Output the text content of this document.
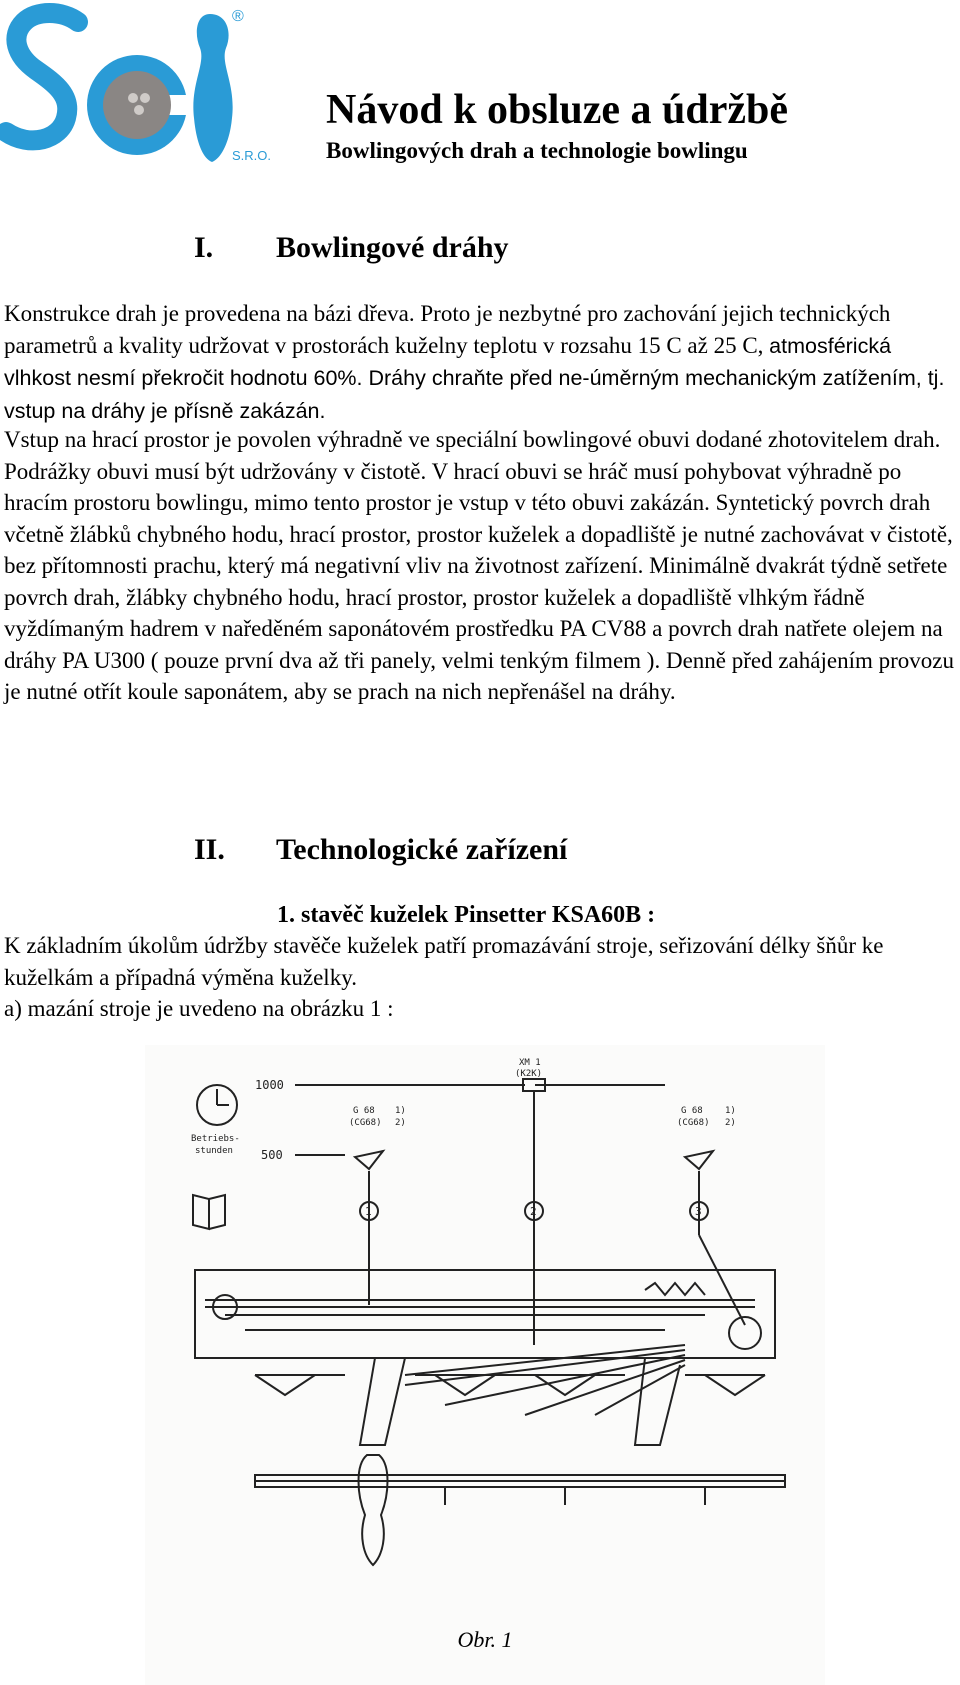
®
S.R.O.
Návod k obsluze a údržbě
Bowlingových drah a technologie bowlingu
I. Bowlingové dráhy

Konstrukce drah je provedena na bázi dřeva. Proto je nezbytné pro zachování jejich technických parametrů a kvality udržovat v prostorách kuželny teplotu v rozsahu 15 C až 25 C, atmosférická vlhkost nesmí překročit hodnotu 60%. Dráhy chraňte před ne-úměrným mechanickým zatížením, tj. vstup na dráhy je přísně zakázán.

Vstup na hrací prostor je povolen výhradně ve speciální bowlingové obuvi dodané zhotovitelem drah. Podrážky obuvi musí být udržovány v čistotě. V hrací obuvi se hráč musí pohybovat výhradně po hracím prostoru bowlingu, mimo tento prostor je vstup v této obuvi zakázán. Syntetický povrch drah včetně žlábků chybného hodu, hrací prostor, prostor kuželek a dopadliště je nutné zachovávat v čistotě, bez přítomnosti prachu, který má negativní vliv na životnost zařízení. Minimálně dvakrát týdně setřete povrch drah, žlábky chybného hodu, hrací prostor, prostor kuželek a dopadliště vlhkým řádně vyždímaným hadrem v naředěném saponátovém prostředku PA CV88 a povrch drah natřete olejem na dráhy PA U300 ( pouze první dva až tři panely, velmi tenkým filmem ). Denně před zahájením provozu je nutné otřít koule saponátem, aby se prach na nich nepřenášel na dráhy.

II. Technologické zařízení
1. stavěč kuželek Pinsetter KSA60B :

K základním úkolům údržby stavěče kuželek patří promazávání stroje, seřizování délky šňůr ke kuželkám a případná výměna kuželky.

a) mazání stroje je uvedeno na obrázku 1 :

1000
500
Betriebs-
stunden
XM 1
(K2K)
G 68
(CG68)
1)
2)
G 68
(CG68)
1)
2)
1	2	3
Obr. 1
